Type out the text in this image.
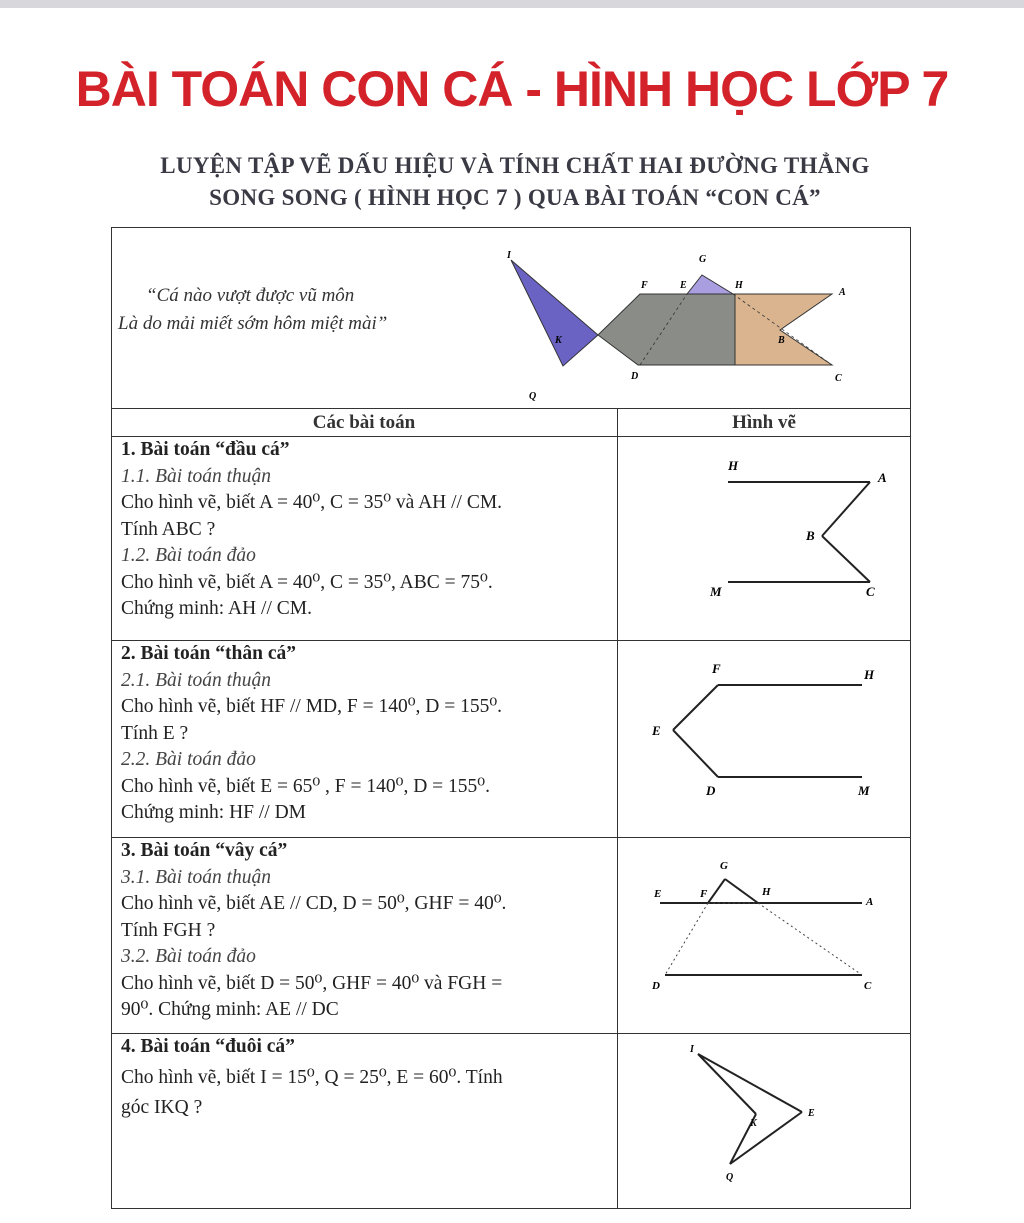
BÀI TOÁN CON CÁ - HÌNH HỌC LỚP 7
LUYỆN TẬP VẼ DẤU HIỆU VÀ TÍNH CHẤT HAI ĐƯỜNG THẲNG
SONG SONG ( HÌNH HỌC 7 ) QUA BÀI TOÁN “CON CÁ”
“Cá nào vượt được vũ môn
Là do mải miết sớm hôm miệt mài”
I	G
F	E
K	B
A
H
D	C
Q
Các bài toán	Hình vẽ
1. Bài toán “đầu cá”
1.1. Bài toán thuận
Cho hình vẽ, biết A = 40⁰, C = 35⁰ và AH // CM.
Tính ABC ?
1.2. Bài toán đảo
Cho hình vẽ, biết A = 40⁰, C = 35⁰, ABC = 75⁰.
Chứng minh: AH // CM.
H
A
B
M	C
2. Bài toán “thân cá”
2.1. Bài toán thuận
Cho hình vẽ, biết HF // MD, F = 140⁰, D = 155⁰.
Tính E ?
2.2. Bài toán đảo
Cho hình vẽ, biết E = 65⁰ , F = 140⁰, D = 155⁰.
Chứng minh: HF // DM
F	H
E
D	M
3. Bài toán “vây cá”
3.1. Bài toán thuận
Cho hình vẽ, biết AE // CD, D = 50⁰, GHF = 40⁰.
Tính FGH ?
3.2. Bài toán đảo
Cho hình vẽ, biết D = 50⁰, GHF = 40⁰ và FGH =
90⁰. Chứng minh: AE // DC
G
E	F	H
A
D	C
4. Bài toán “đuôi cá”
Cho hình vẽ, biết I = 15⁰, Q = 25⁰, E = 60⁰. Tính
góc IKQ ?
I
K
E
Q
